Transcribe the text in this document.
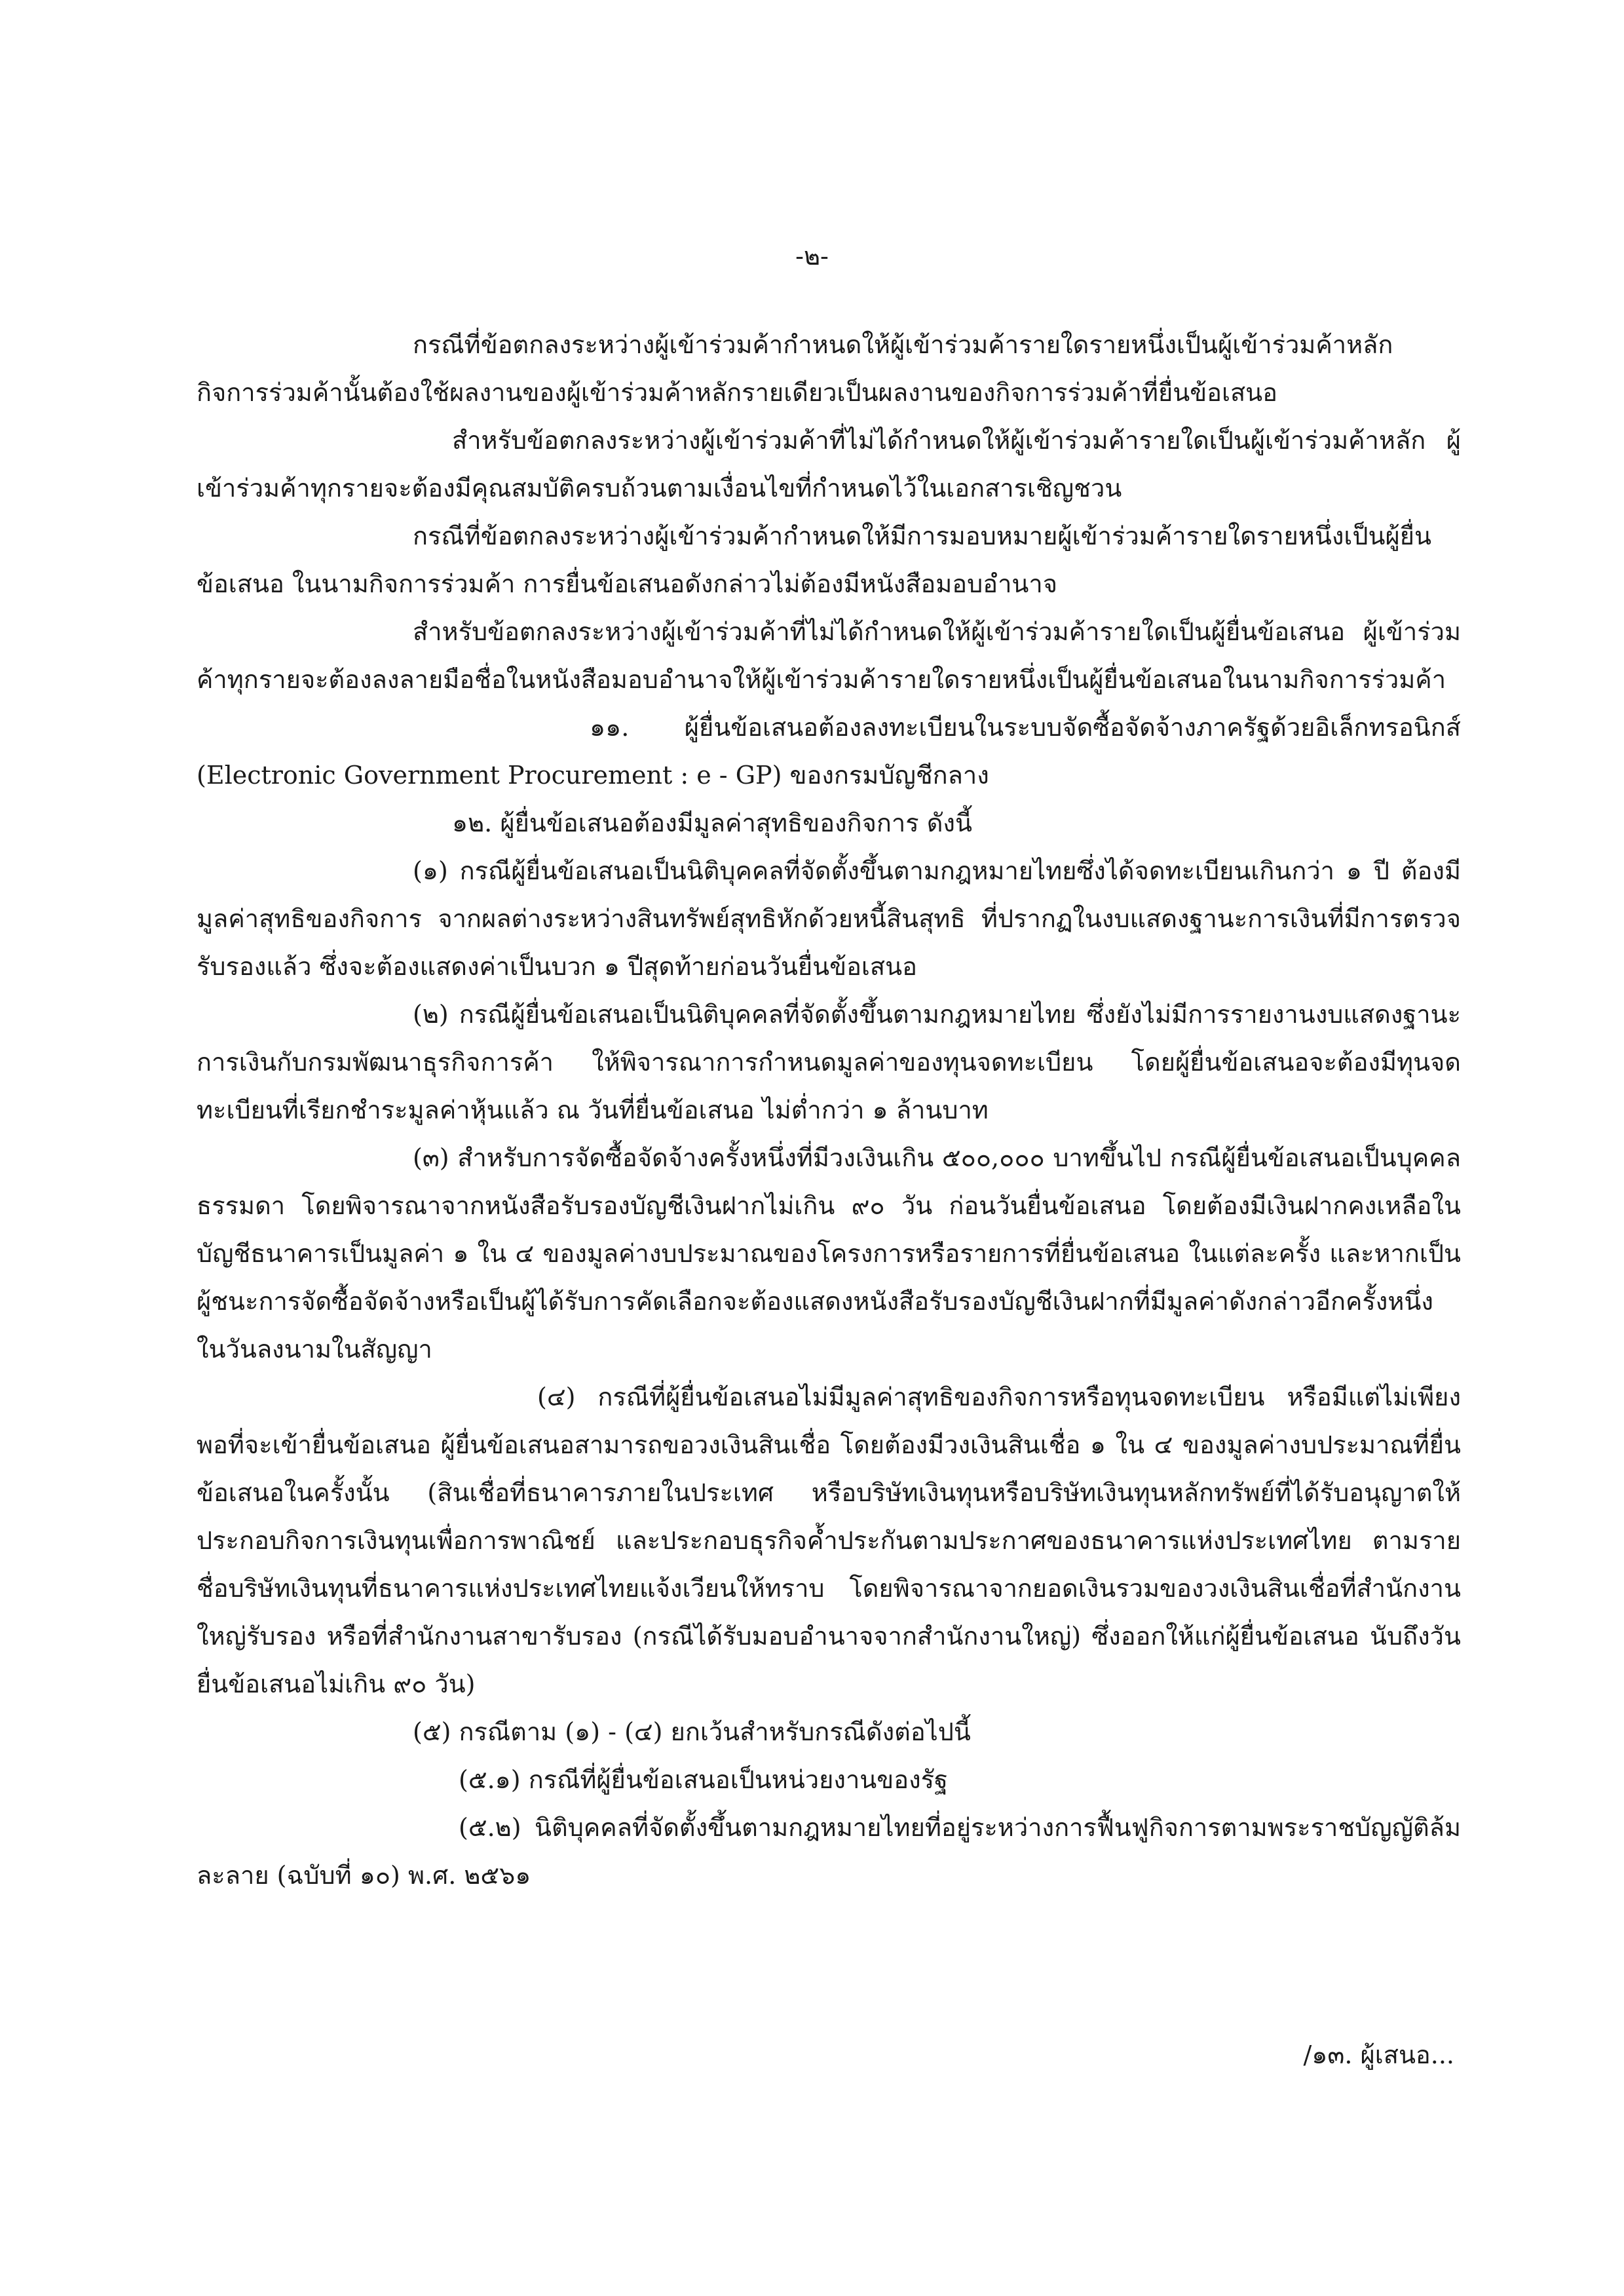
-๒-

กรณีที่ข้อตกลงระหว่างผู้เข้าร่วมค้ากำหนดให้ผู้เข้าร่วมค้ารายใดรายหนึ่งเป็นผู้เข้าร่วมค้าหลัก กิจการร่วมค้านั้นต้องใช้ผลงานของผู้เข้าร่วมค้าหลักรายเดียวเป็นผลงานของกิจการร่วมค้าที่ยื่นข้อเสนอ

สำหรับข้อตกลงระหว่างผู้เข้าร่วมค้าที่ไม่ได้กำหนดให้ผู้เข้าร่วมค้ารายใดเป็นผู้เข้าร่วมค้าหลัก ผู้เข้าร่วมค้าทุกรายจะต้องมีคุณสมบัติครบถ้วนตามเงื่อนไขที่กำหนดไว้ในเอกสารเชิญชวน

กรณีที่ข้อตกลงระหว่างผู้เข้าร่วมค้ากำหนดให้มีการมอบหมายผู้เข้าร่วมค้ารายใดรายหนึ่งเป็นผู้ยื่นข้อเสนอ ในนามกิจการร่วมค้า การยื่นข้อเสนอดังกล่าวไม่ต้องมีหนังสือมอบอำนาจ

สำหรับข้อตกลงระหว่างผู้เข้าร่วมค้าที่ไม่ได้กำหนดให้ผู้เข้าร่วมค้ารายใดเป็นผู้ยื่นข้อเสนอ ผู้เข้าร่วมค้าทุกรายจะต้องลงลายมือชื่อในหนังสือมอบอำนาจให้ผู้เข้าร่วมค้ารายใดรายหนึ่งเป็นผู้ยื่นข้อเสนอในนามกิจการร่วมค้า

๑๑. ผู้ยื่นข้อเสนอต้องลงทะเบียนในระบบจัดซื้อจัดจ้างภาครัฐด้วยอิเล็กทรอนิกส์ (Electronic Government Procurement : e - GP) ของกรมบัญชีกลาง

๑๒. ผู้ยื่นข้อเสนอต้องมีมูลค่าสุทธิของกิจการ ดังนี้

(๑) กรณีผู้ยื่นข้อเสนอเป็นนิติบุคคลที่จัดตั้งขึ้นตามกฎหมายไทยซึ่งได้จดทะเบียนเกินกว่า ๑ ปี ต้องมีมูลค่าสุทธิของกิจการ จากผลต่างระหว่างสินทรัพย์สุทธิหักด้วยหนี้สินสุทธิ ที่ปรากฏในงบแสดงฐานะการเงินที่มีการตรวจรับรองแล้ว ซึ่งจะต้องแสดงค่าเป็นบวก ๑ ปีสุดท้ายก่อนวันยื่นข้อเสนอ

(๒) กรณีผู้ยื่นข้อเสนอเป็นนิติบุคคลที่จัดตั้งขึ้นตามกฎหมายไทย ซึ่งยังไม่มีการรายงานงบแสดงฐานะการเงินกับกรมพัฒนาธุรกิจการค้า ให้พิจารณาการกำหนดมูลค่าของทุนจดทะเบียน โดยผู้ยื่นข้อเสนอจะต้องมีทุนจดทะเบียนที่เรียกชำระมูลค่าหุ้นแล้ว ณ วันที่ยื่นข้อเสนอ ไม่ต่ำกว่า ๑ ล้านบาท

(๓) สำหรับการจัดซื้อจัดจ้างครั้งหนึ่งที่มีวงเงินเกิน ๕๐๐,๐๐๐ บาทขึ้นไป กรณีผู้ยื่นข้อเสนอเป็นบุคคลธรรมดา โดยพิจารณาจากหนังสือรับรองบัญชีเงินฝากไม่เกิน ๙๐ วัน ก่อนวันยื่นข้อเสนอ โดยต้องมีเงินฝากคงเหลือในบัญชีธนาคารเป็นมูลค่า ๑ ใน ๔ ของมูลค่างบประมาณของโครงการหรือรายการที่ยื่นข้อเสนอ ในแต่ละครั้ง และหากเป็นผู้ชนะการจัดซื้อจัดจ้างหรือเป็นผู้ได้รับการคัดเลือกจะต้องแสดงหนังสือรับรองบัญชีเงินฝากที่มีมูลค่าดังกล่าวอีกครั้งหนึ่งในวันลงนามในสัญญา

(๔) กรณีที่ผู้ยื่นข้อเสนอไม่มีมูลค่าสุทธิของกิจการหรือทุนจดทะเบียน หรือมีแต่ไม่เพียงพอที่จะเข้ายื่นข้อเสนอ ผู้ยื่นข้อเสนอสามารถขอวงเงินสินเชื่อ โดยต้องมีวงเงินสินเชื่อ ๑ ใน ๔ ของมูลค่างบประมาณที่ยื่นข้อเสนอในครั้งนั้น (สินเชื่อที่ธนาคารภายในประเทศ หรือบริษัทเงินทุนหรือบริษัทเงินทุนหลักทรัพย์ที่ได้รับอนุญาตให้ประกอบกิจการเงินทุนเพื่อการพาณิชย์ และประกอบธุรกิจค้ำประกันตามประกาศของธนาคารแห่งประเทศไทย ตามรายชื่อบริษัทเงินทุนที่ธนาคารแห่งประเทศไทยแจ้งเวียนให้ทราบ โดยพิจารณาจากยอดเงินรวมของวงเงินสินเชื่อที่สำนักงานใหญ่รับรอง หรือที่สำนักงานสาขารับรอง (กรณีได้รับมอบอำนาจจากสำนักงานใหญ่) ซึ่งออกให้แก่ผู้ยื่นข้อเสนอ นับถึงวันยื่นข้อเสนอไม่เกิน ๙๐ วัน)

(๕) กรณีตาม (๑) - (๔) ยกเว้นสำหรับกรณีดังต่อไปนี้

(๕.๑) กรณีที่ผู้ยื่นข้อเสนอเป็นหน่วยงานของรัฐ

(๕.๒) นิติบุคคลที่จัดตั้งขึ้นตามกฎหมายไทยที่อยู่ระหว่างการฟื้นฟูกิจการตามพระราชบัญญัติล้มละลาย (ฉบับที่ ๑๐) พ.ศ. ๒๕๖๑

/๑๓. ผู้เสนอ...
